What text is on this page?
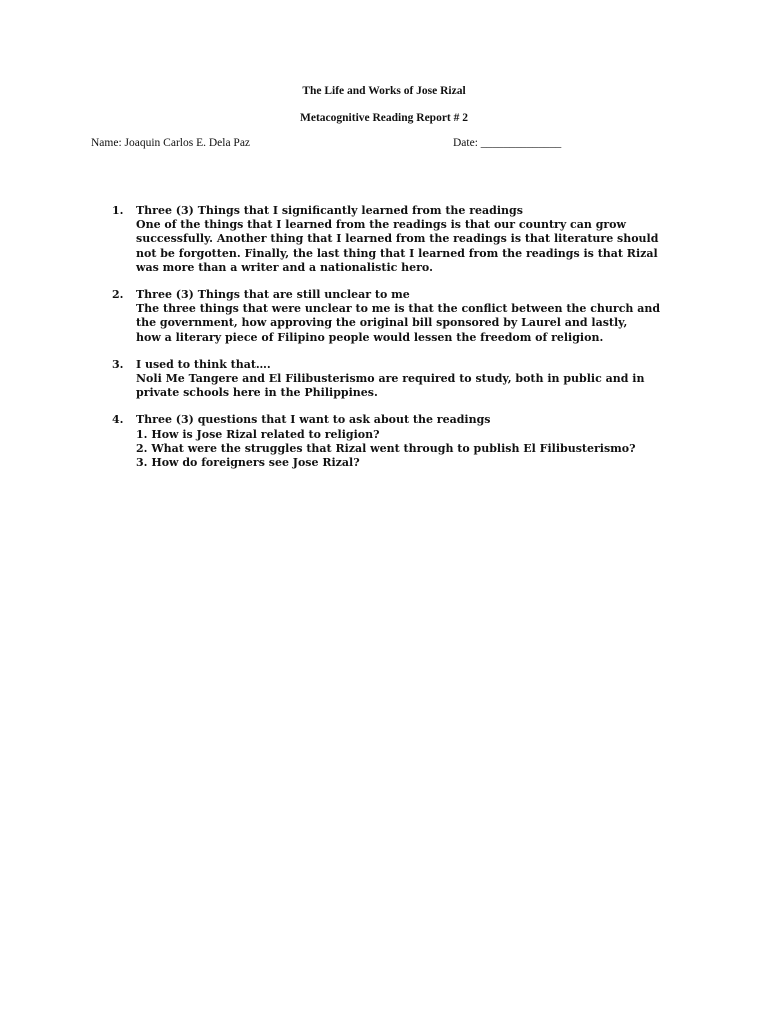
The Life and Works of Jose Rizal
Metacognitive Reading Report # 2
Name: Joaquin Carlos E. Dela Paz	Date: ______________
1. Three (3) Things that I significantly learned from the readings
One of the things that I learned from the readings is that our country can grow
successfully. Another thing that I learned from the readings is that literature should
not be forgotten. Finally, the last thing that I learned from the readings is that Rizal
was more than a writer and a nationalistic hero.
2. Three (3) Things that are still unclear to me
The three things that were unclear to me is that the conflict between the church and
the government, how approving the original bill sponsored by Laurel and lastly,
how a literary piece of Filipino people would lessen the freedom of religion.
3. I used to think that….
Noli Me Tangere and El Filibusterismo are required to study, both in public and in
private schools here in the Philippines.
4. Three (3) questions that I want to ask about the readings
1. How is Jose Rizal related to religion?
2. What were the struggles that Rizal went through to publish El Filibusterismo?
3. How do foreigners see Jose Rizal?
